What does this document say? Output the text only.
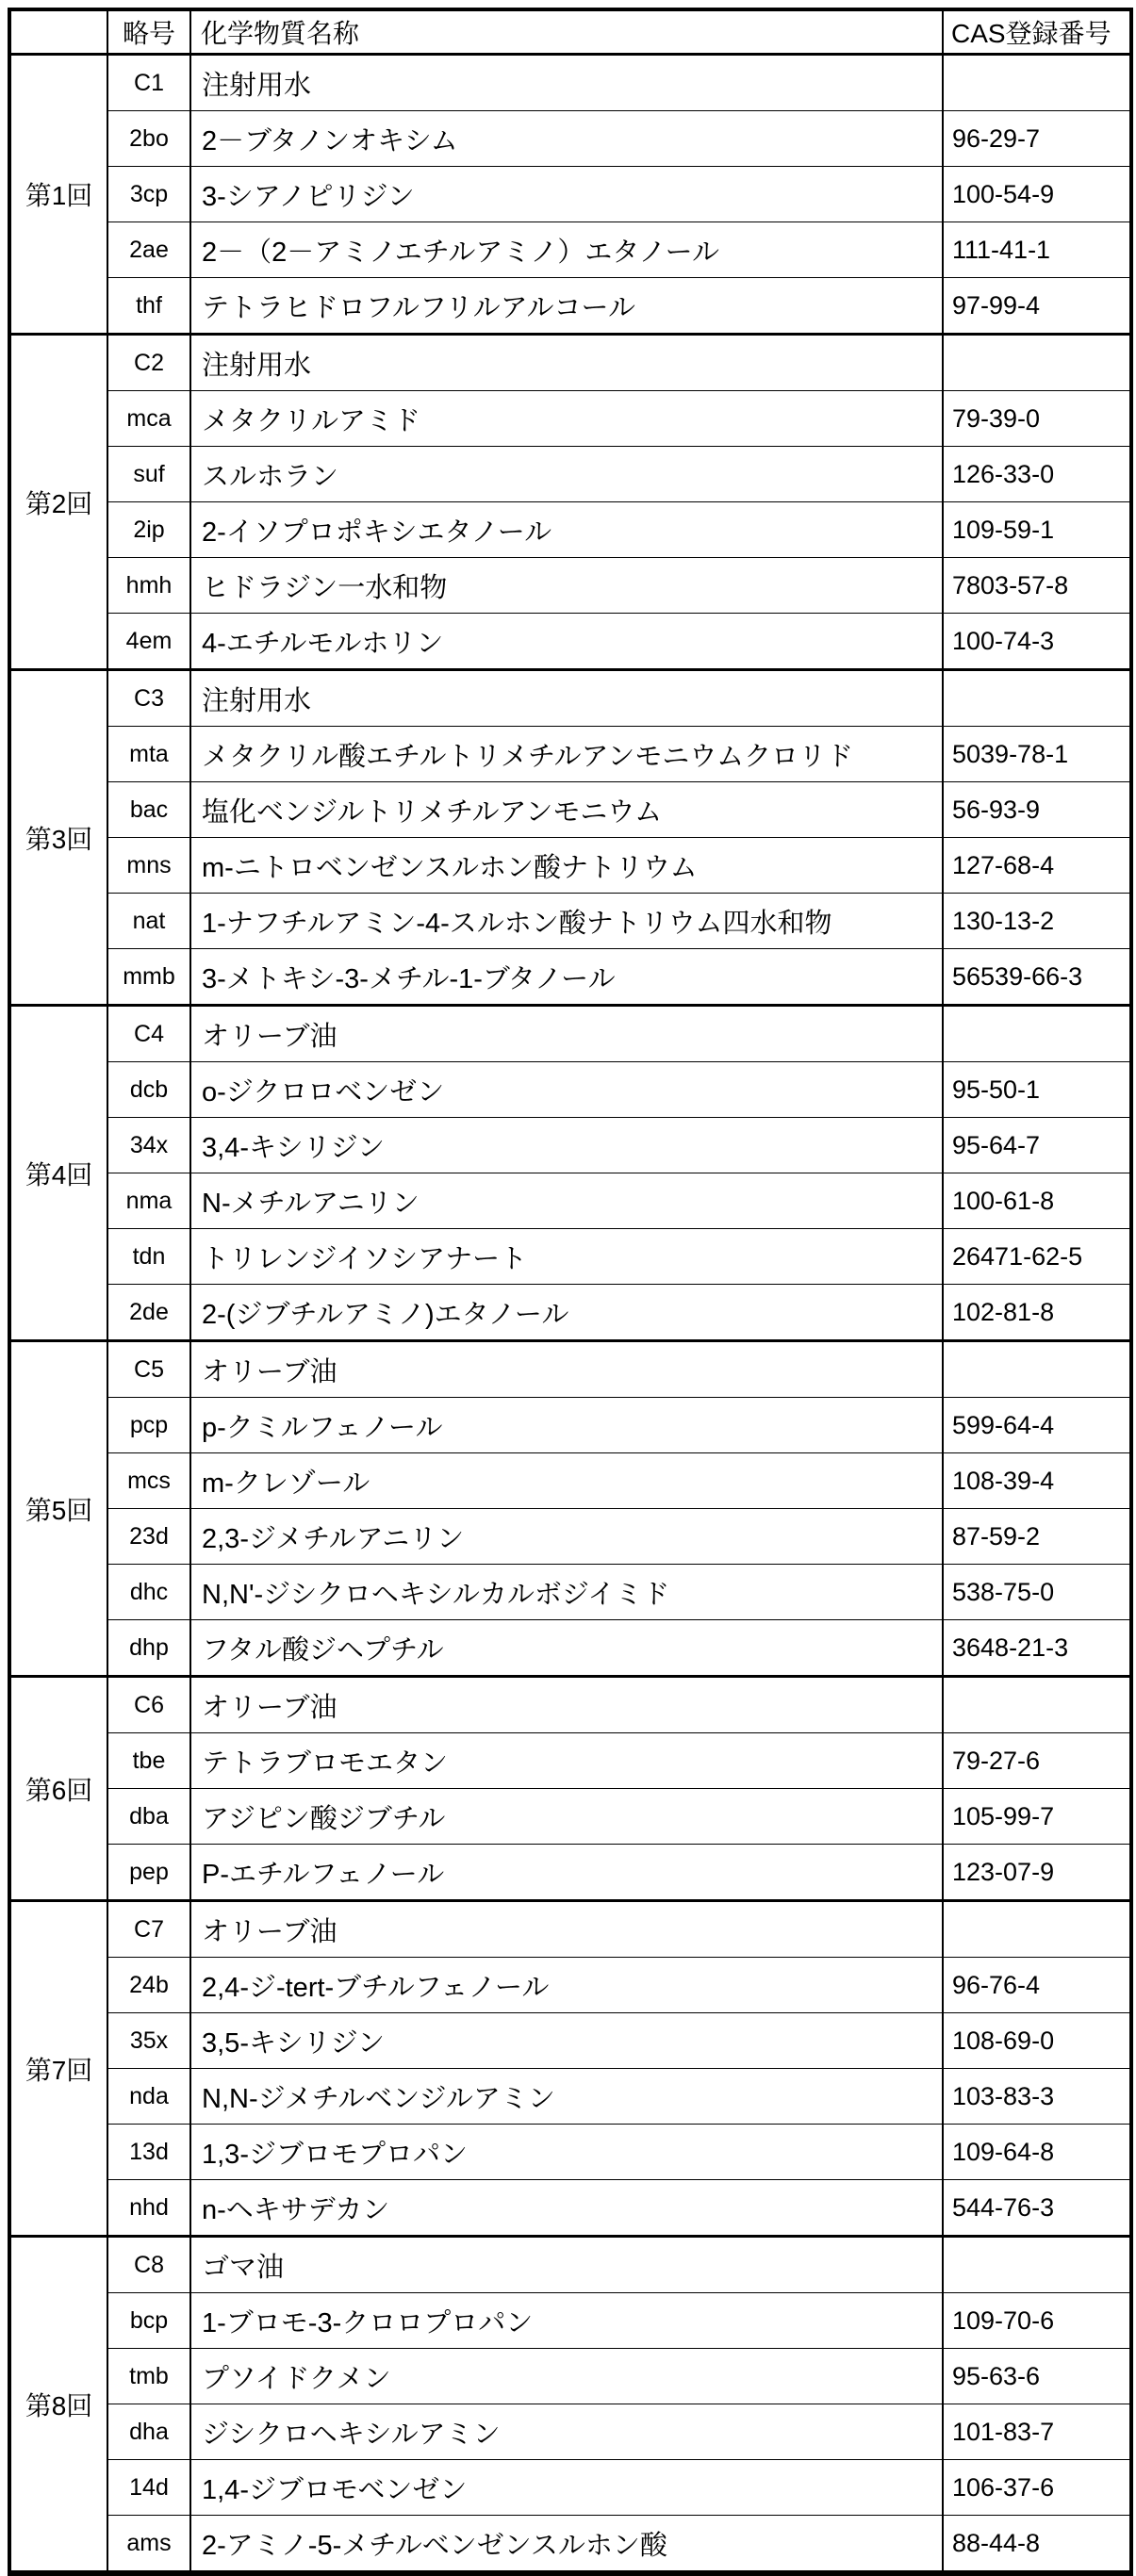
	略号	化学物質名称	CAS登録番号
第1回	C1	注射用水	
	2bo	2－ブタノンオキシム	96-29-7
	3cp	3-シアノピリジン	100-54-9
	2ae	2－（2－アミノエチルアミノ）エタノール	111-41-1
	thf	テトラヒドロフルフリルアルコール	97-99-4
第2回	C2	注射用水	
	mca	メタクリルアミド	79-39-0
	suf	スルホラン	126-33-0
	2ip	2-イソプロポキシエタノール	109-59-1
	hmh	ヒドラジン一水和物	7803-57-8
	4em	4-エチルモルホリン	100-74-3
第3回	C3	注射用水	
	mta	メタクリル酸エチルトリメチルアンモニウムクロリド	5039-78-1
	bac	塩化ベンジルトリメチルアンモニウム	56-93-9
	mns	m-ニトロベンゼンスルホン酸ナトリウム	127-68-4
	nat	1-ナフチルアミン-4-スルホン酸ナトリウム四水和物	130-13-2
	mmb	3-メトキシ-3-メチル-1-ブタノール	56539-66-3
第4回	C4	オリーブ油	
	dcb	o-ジクロロベンゼン	95-50-1
	34x	3,4-キシリジン	95-64-7
	nma	N-メチルアニリン	100-61-8
	tdn	トリレンジイソシアナート	26471-62-5
	2de	2-(ジブチルアミノ)エタノール	102-81-8
第5回	C5	オリーブ油	
	pcp	p-クミルフェノール	599-64-4
	mcs	m-クレゾール	108-39-4
	23d	2,3-ジメチルアニリン	87-59-2
	dhc	N,N'-ジシクロヘキシルカルボジイミド	538-75-0
	dhp	フタル酸ジヘプチル	3648-21-3
第6回	C6	オリーブ油	
	tbe	テトラブロモエタン	79-27-6
	dba	アジピン酸ジブチル	105-99-7
	pep	P-エチルフェノール	123-07-9
第7回	C7	オリーブ油	
	24b	2,4-ジ-tert-ブチルフェノール	96-76-4
	35x	3,5-キシリジン	108-69-0
	nda	N,N-ジメチルベンジルアミン	103-83-3
	13d	1,3-ジブロモプロパン	109-64-8
	nhd	n-ヘキサデカン	544-76-3
第8回	C8	ゴマ油	
	bcp	1-ブロモ-3-クロロプロパン	109-70-6
	tmb	プソイドクメン	95-63-6
	dha	ジシクロヘキシルアミン	101-83-7
	14d	1,4-ジブロモベンゼン	106-37-6
	ams	2-アミノ-5-メチルベンゼンスルホン酸	88-44-8
